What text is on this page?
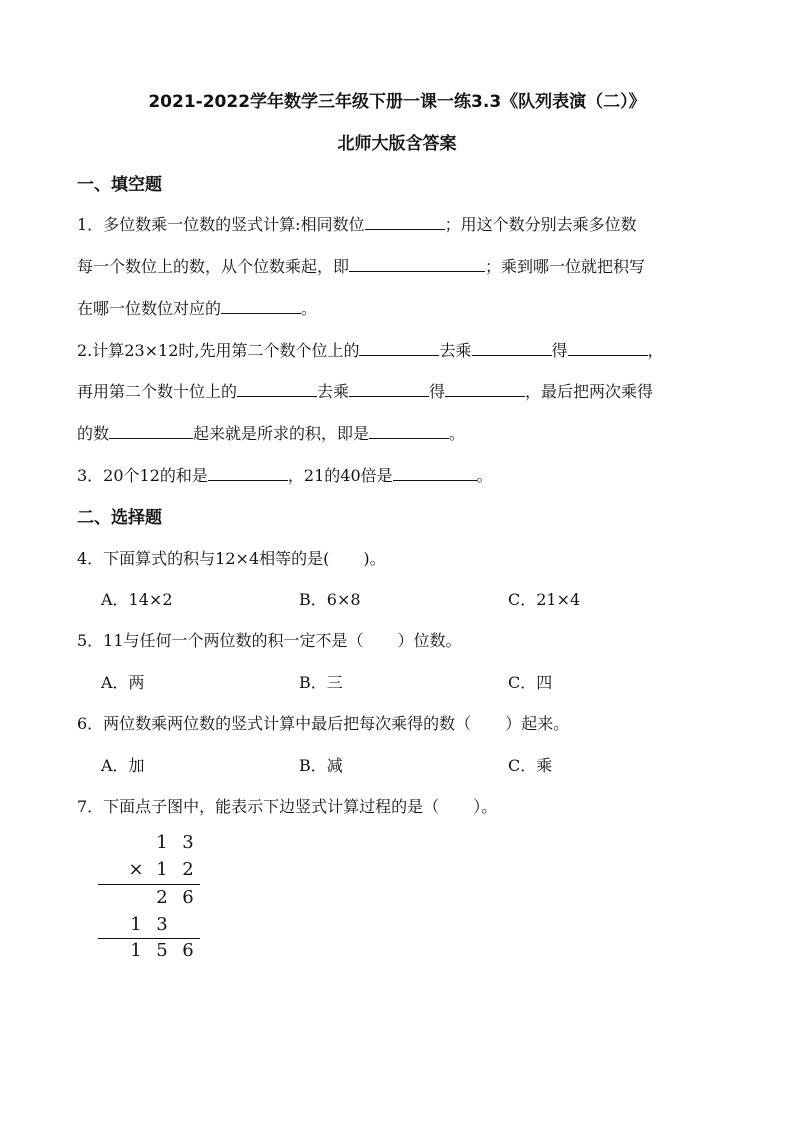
2021-2022学年数学三年级下册一课一练3.3《队列表演（二）》
北师大版含答案
一、填空题
1．多位数乘一位数的竖式计算:相同数位	；用这个数分别去乘多位数
每一个数位上的数，从个位数乘起，即	；乘到哪一位就把积写
在哪一位数位对应的	。
2.计算23×12时,先用第二个数个位上的	去乘	得	，
再用第二个数十位上的	去乘	得	，最后把两次乘得
的数	起来就是所求的积，即是	。
3．20个12的和是	，21的40倍是	。
二、选择题
4．下面算式的积与12×4相等的是( )。
A．14×2	B．6×8	C．21×4
5．11与任何一个两位数的积一定不是（ ）位数。
A．两	B．三	C．四
6．两位数乘两位数的竖式计算中最后把每次乘得的数（ ）起来。
A．加	B．减	C．乘
7．下面点子图中，能表示下边竖式计算过程的是（ ）。
1 3
× 1 2
2 6
1 3
1 5 6
